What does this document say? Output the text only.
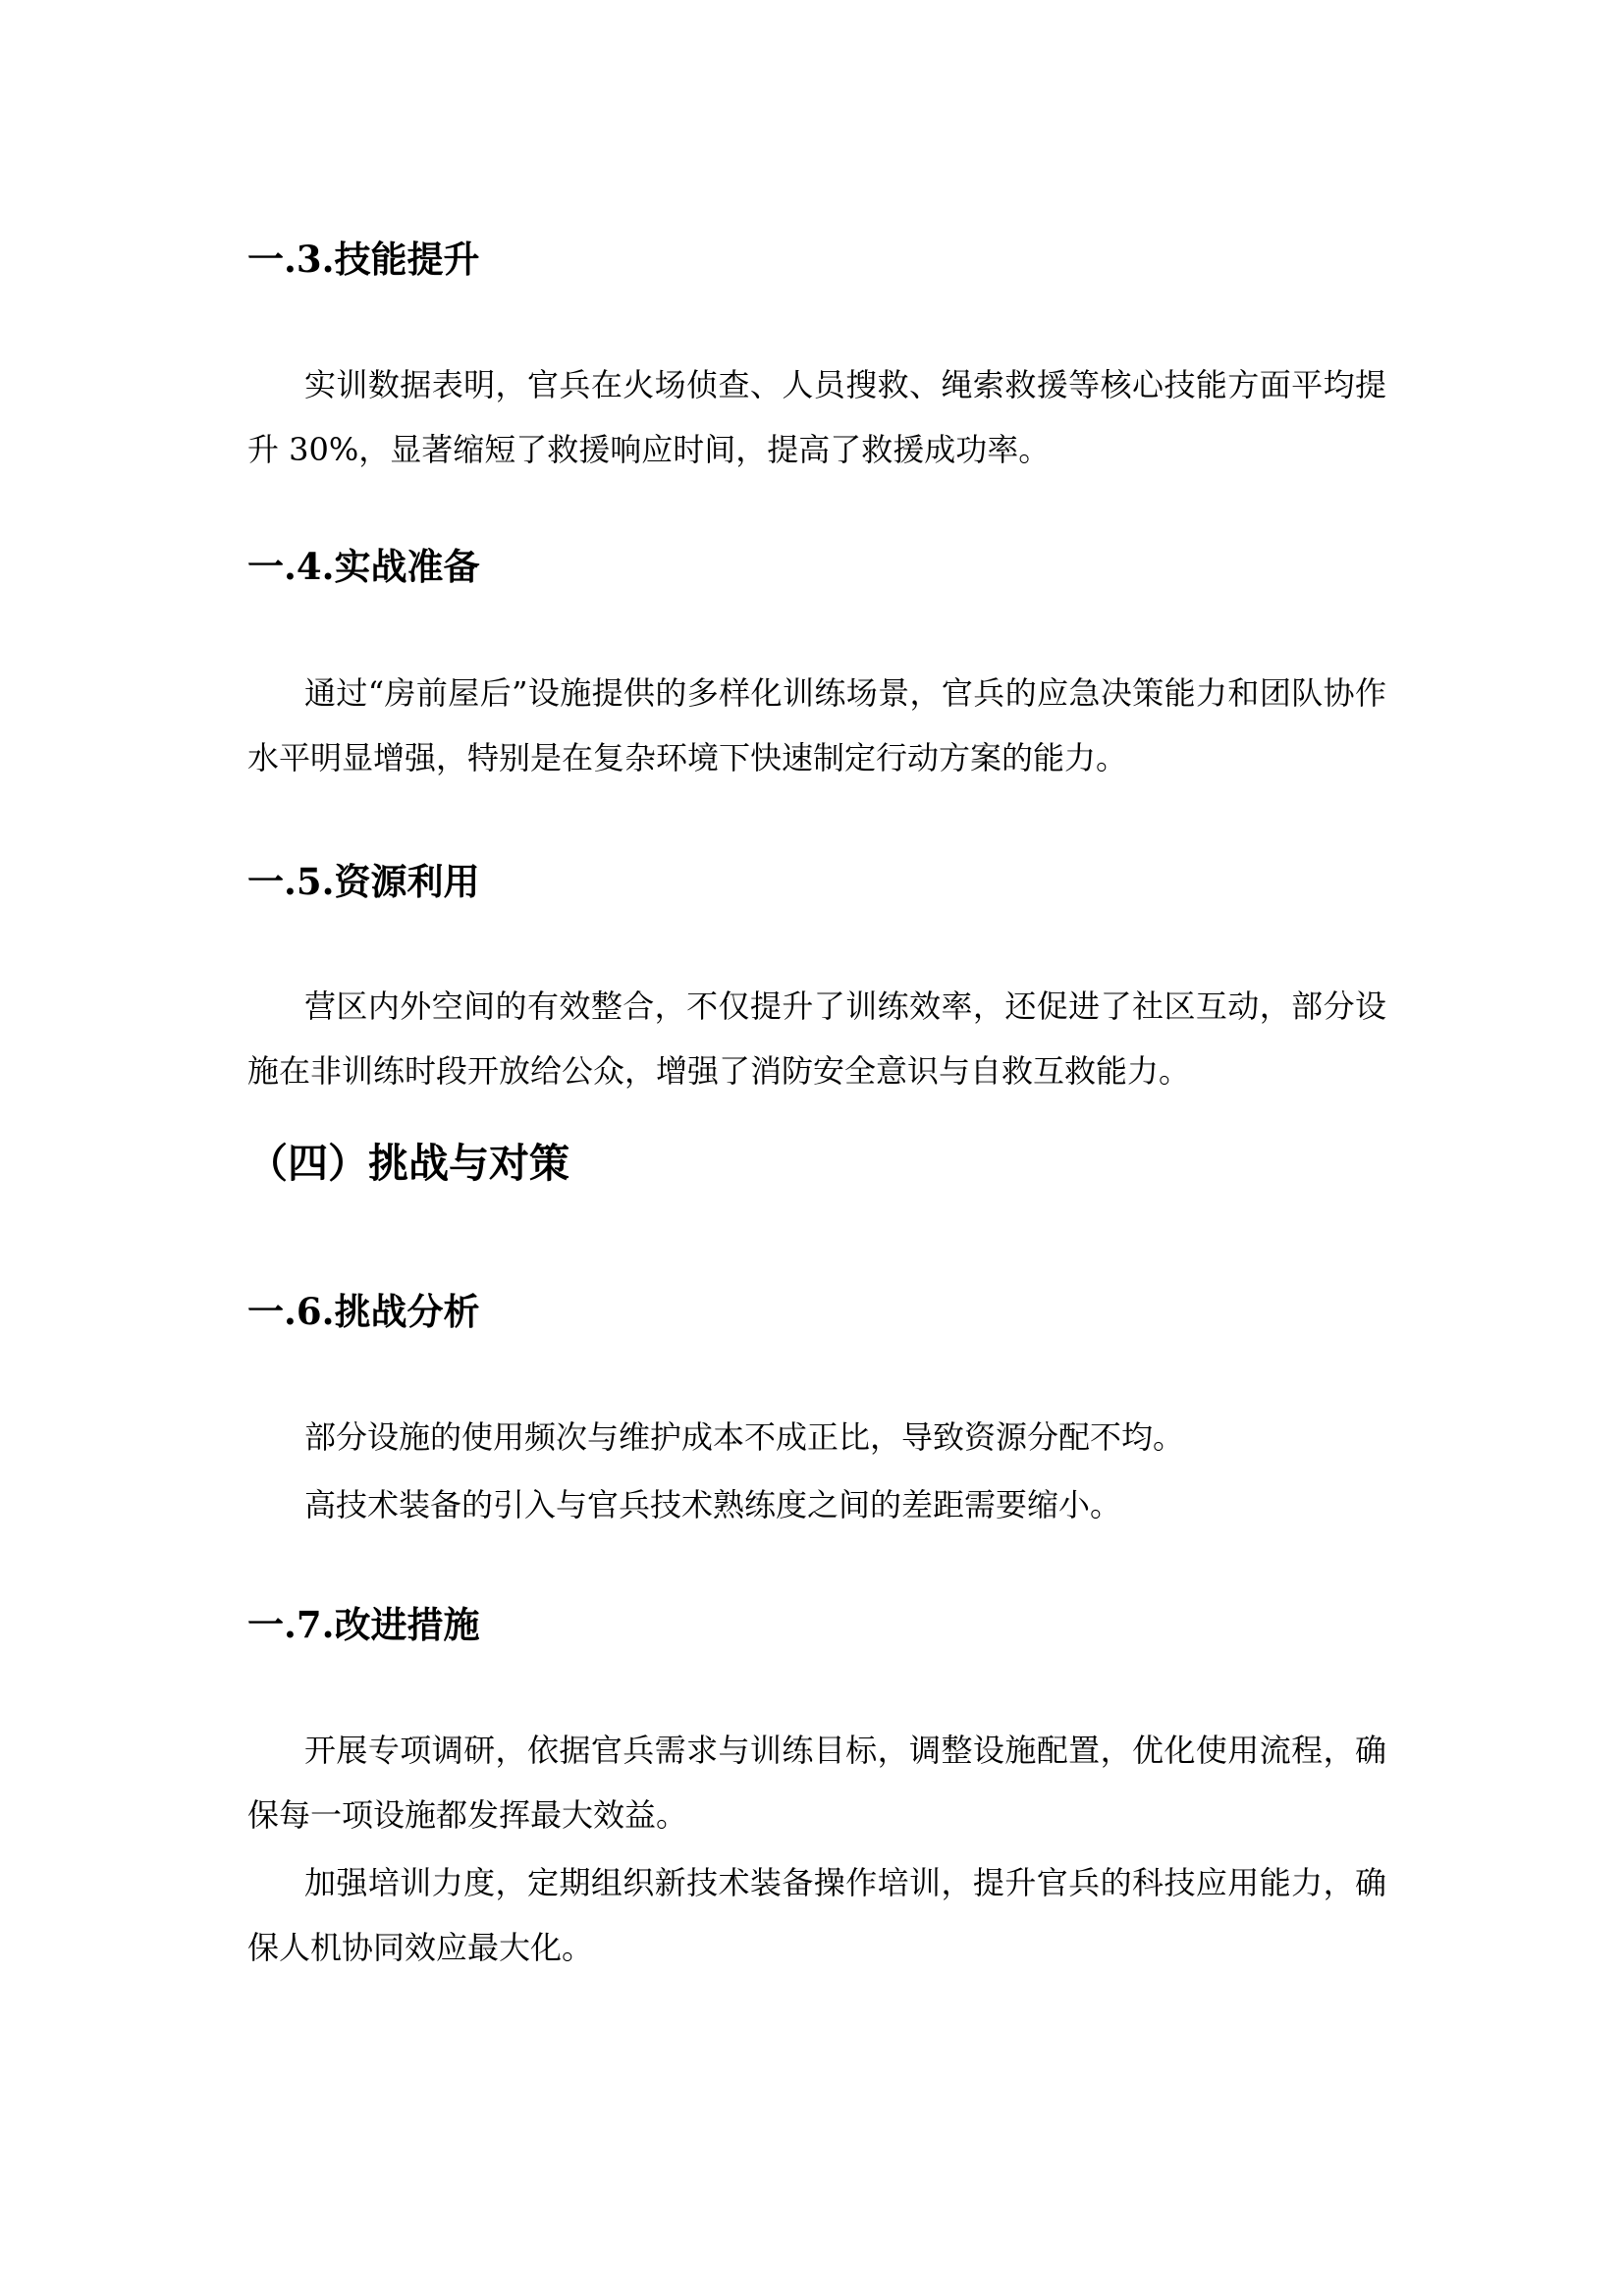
一.3.技能提升

实训数据表明，官兵在火场侦查、人员搜救、绳索救援等核心技能方面平均提升 30%，显著缩短了救援响应时间，提高了救援成功率。

一.4.实战准备

通过“房前屋后”设施提供的多样化训练场景，官兵的应急决策能力和团队协作水平明显增强，特别是在复杂环境下快速制定行动方案的能力。

一.5.资源利用

营区内外空间的有效整合，不仅提升了训练效率，还促进了社区互动，部分设施在非训练时段开放给公众，增强了消防安全意识与自救互救能力。

（四）挑战与对策
一.6.挑战分析

部分设施的使用频次与维护成本不成正比，导致资源分配不均。

高技术装备的引入与官兵技术熟练度之间的差距需要缩小。

一.7.改进措施

开展专项调研，依据官兵需求与训练目标，调整设施配置，优化使用流程，确保每一项设施都发挥最大效益。

加强培训力度，定期组织新技术装备操作培训，提升官兵的科技应用能力，确保人机协同效应最大化。
